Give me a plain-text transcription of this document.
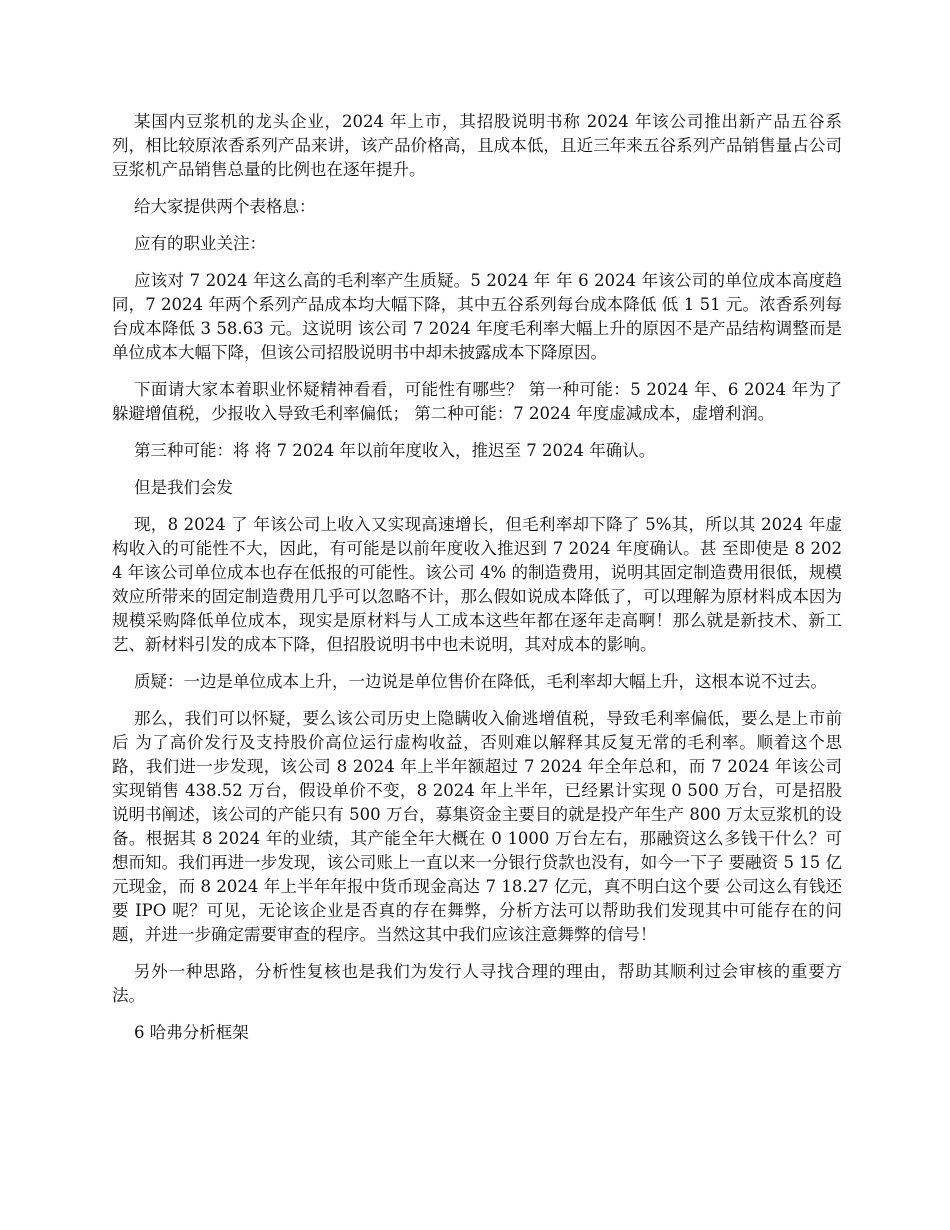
某国内豆浆机的龙头企业，2024 年上市，其招股说明书称 2024 年该公司推出新产品五谷系列，相比较原浓香系列产品来讲，该产品价格高，且成本低，且近三年来五谷系列产品销售量占公司豆浆机产品销售总量的比例也在逐年提升。

给大家提供两个表格息：

应有的职业关注：

应该对 7 2024 年这么高的毛利率产生质疑。5 2024 年 年 6 2024 年该公司的单位成本高度趋同，7 2024 年两个系列产品成本均大幅下降，其中五谷系列每台成本降低 低 1 51 元。浓香系列每台成本降低 3 58.63 元。这说明 该公司 7 2024 年度毛利率大幅上升的原因不是产品结构调整而是单位成本大幅下降，但该公司招股说明书中却未披露成本下降原因。

下面请大家本着职业怀疑精神看看，可能性有哪些？ 第一种可能：5 2024 年、6 2024 年为了躲避增值税，少报收入导致毛利率偏低； 第二种可能：7 2024 年度虚减成本，虚增利润。

第三种可能：将 将 7 2024 年以前年度收入，推迟至 7 2024 年确认。

但是我们会发

现，8 2024 了 年该公司上收入又实现高速增长，但毛利率却下降了 5%其，所以其 2024 年虚构收入的可能性不大，因此，有可能是以前年度收入推迟到 7 2024 年度确认。甚 至即使是 8 2024 年该公司单位成本也存在低报的可能性。该公司 4% 的制造费用，说明其固定制造费用很低，规模效应所带来的固定制造费用几乎可以忽略不计，那么假如说成本降低了，可以理解为原材料成本因为规模采购降低单位成本，现实是原材料与人工成本这些年都在逐年走高啊！那么就是新技术、新工艺、新材料引发的成本下降，但招股说明书中也未说明，其对成本的影响。

质疑：一边是单位成本上升，一边说是单位售价在降低，毛利率却大幅上升，这根本说不过去。

那么，我们可以怀疑，要么该公司历史上隐瞒收入偷逃增值税，导致毛利率偏低，要么是上市前后 为了高价发行及支持股价高位运行虚构收益，否则难以解释其反复无常的毛利率。顺着这个思路，我们进一步发现，该公司 8 2024 年上半年额超过 7 2024 年全年总和，而 7 2024 年该公司实现销售 438.52 万台，假设单价不变，8 2024 年上半年，已经累计实现 0 500 万台，可是招股说明书阐述，该公司的产能只有 500 万台，募集资金主要目的就是投产年生产 800 万太豆浆机的设备。根据其 8 2024 年的业绩，其产能全年大概在 0 1000 万台左右，那融资这么多钱干什么？可想而知。我们再进一步发现，该公司账上一直以来一分银行贷款也没有，如今一下子 要融资 5 15 亿元现金，而 8 2024 年上半年年报中货币现金高达 7 18.27 亿元，真不明白这个要 公司这么有钱还要 IPO 呢？可见，无论该企业是否真的存在舞弊，分析方法可以帮助我们发现其中可能存在的问题，并进一步确定需要审查的程序。当然这其中我们应该注意舞弊的信号！

另外一种思路，分析性复核也是我们为发行人寻找合理的理由，帮助其顺利过会审核的重要方法。

6 哈弗分析框架
